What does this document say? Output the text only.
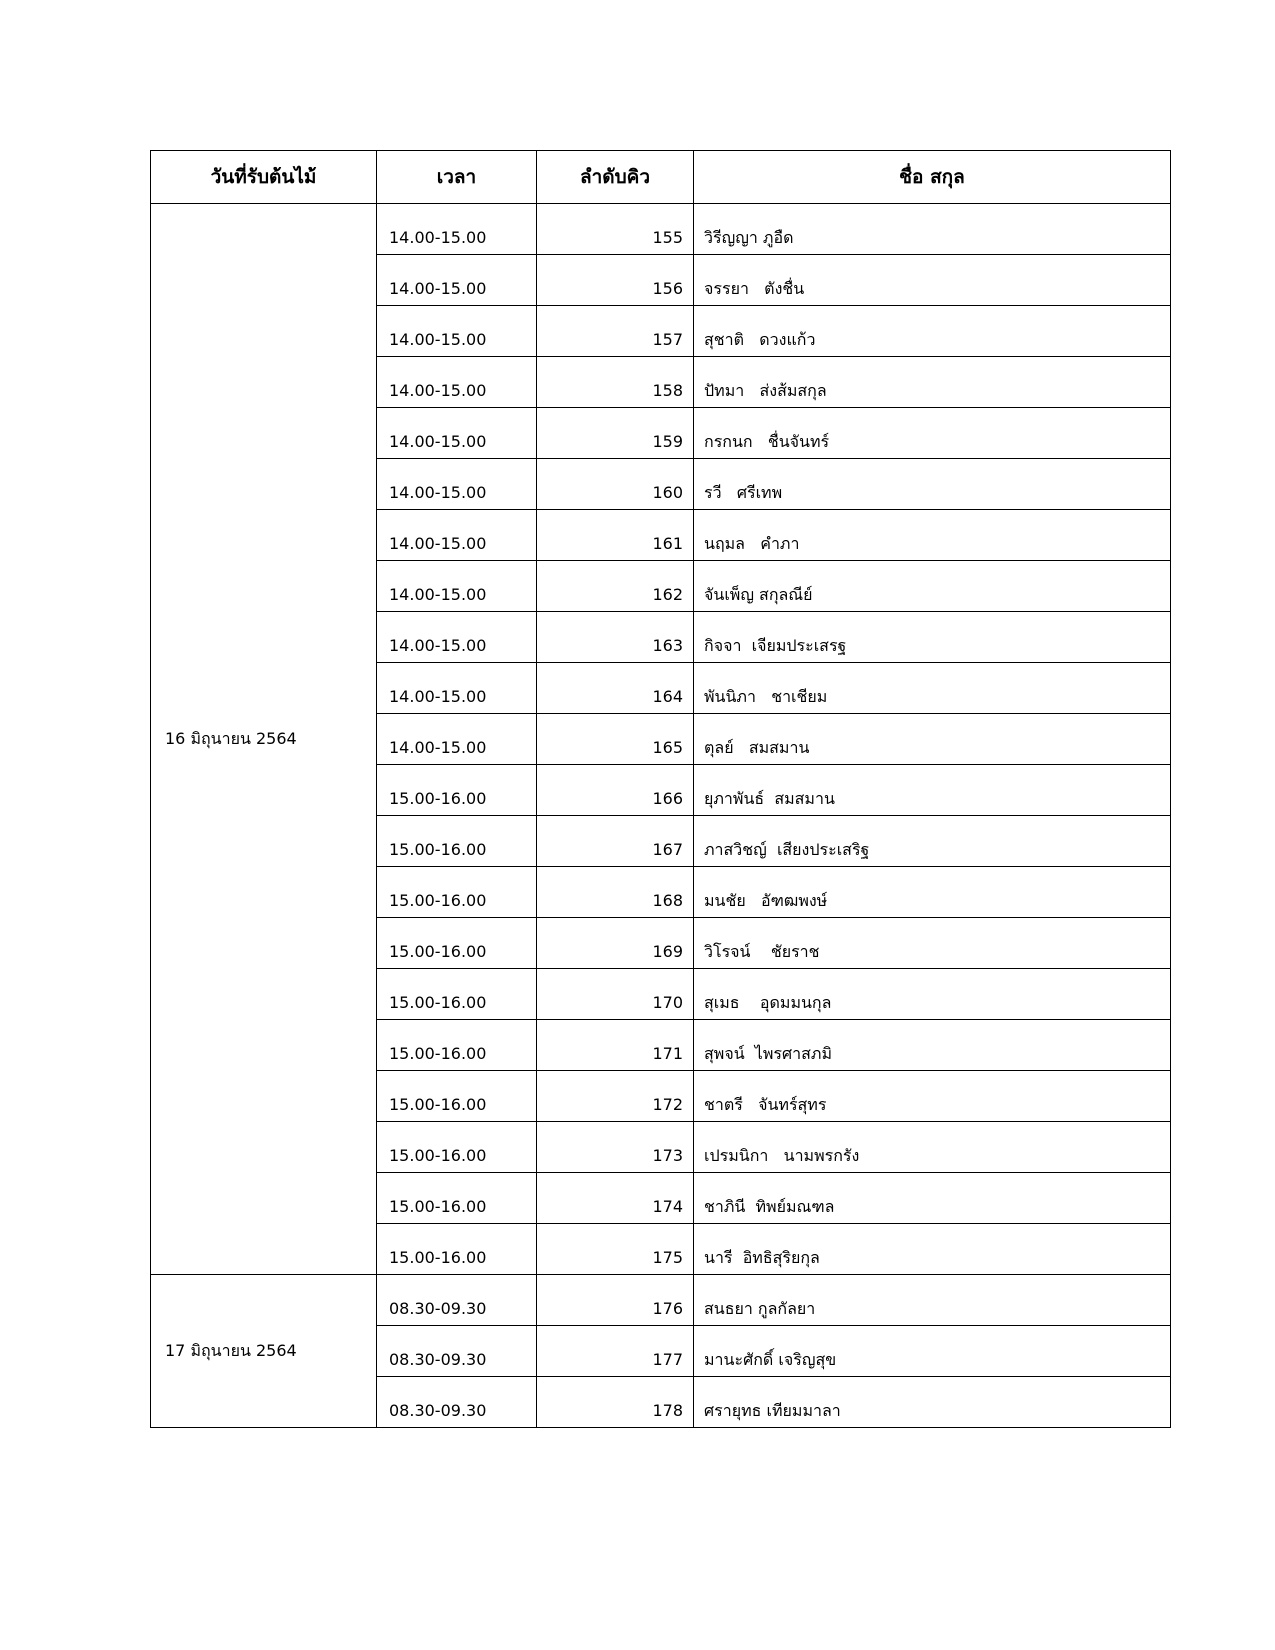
วันที่รับต้นไม้	เวลา	ลำดับคิว	ชื่อ สกุล
16 มิถุนายน 2564	14.00-15.00	155	วิรีญญา ภูอืด
	14.00-15.00	156	จรรยา   ตังชื่น
	14.00-15.00	157	สุชาติ   ดวงแก้ว
	14.00-15.00	158	ปัทมา   ส่งส้มสกุล
	14.00-15.00	159	กรกนก   ชื่นจันทร์
	14.00-15.00	160	รวี   ศรีเทพ
	14.00-15.00	161	นฤมล   คำภา
	14.00-15.00	162	จันเพ็ญ สกุลณีย์
	14.00-15.00	163	กิจจา  เจียมประเสรฐ
	14.00-15.00	164	พันนิภา   ชาเชียม
	14.00-15.00	165	ตุลย์   สมสมาน
	15.00-16.00	166	ยุภาพันธ์  สมสมาน
	15.00-16.00	167	ภาสวิชญ์  เสียงประเสริฐ
	15.00-16.00	168	มนชัย   อัฑฒพงษ์
	15.00-16.00	169	วิโรจน์    ชัยราช
	15.00-16.00	170	สุเมธ    อุดมมนกุล
	15.00-16.00	171	สุพจน์  ไพรศาสภมิ
	15.00-16.00	172	ชาตรี   จันทร์สุทร
	15.00-16.00	173	เปรมนิกา   นามพรกรัง
	15.00-16.00	174	ชาภินี  ทิพย์มณฑล
	15.00-16.00	175	นารี  อิทธิสุริยกุล
17 มิถุนายน 2564	08.30-09.30	176	สนธยา กูลกัลยา
	08.30-09.30	177	มานะศักดิ์ เจริญสุข
	08.30-09.30	178	ศรายุทธ เทียมมาลา
